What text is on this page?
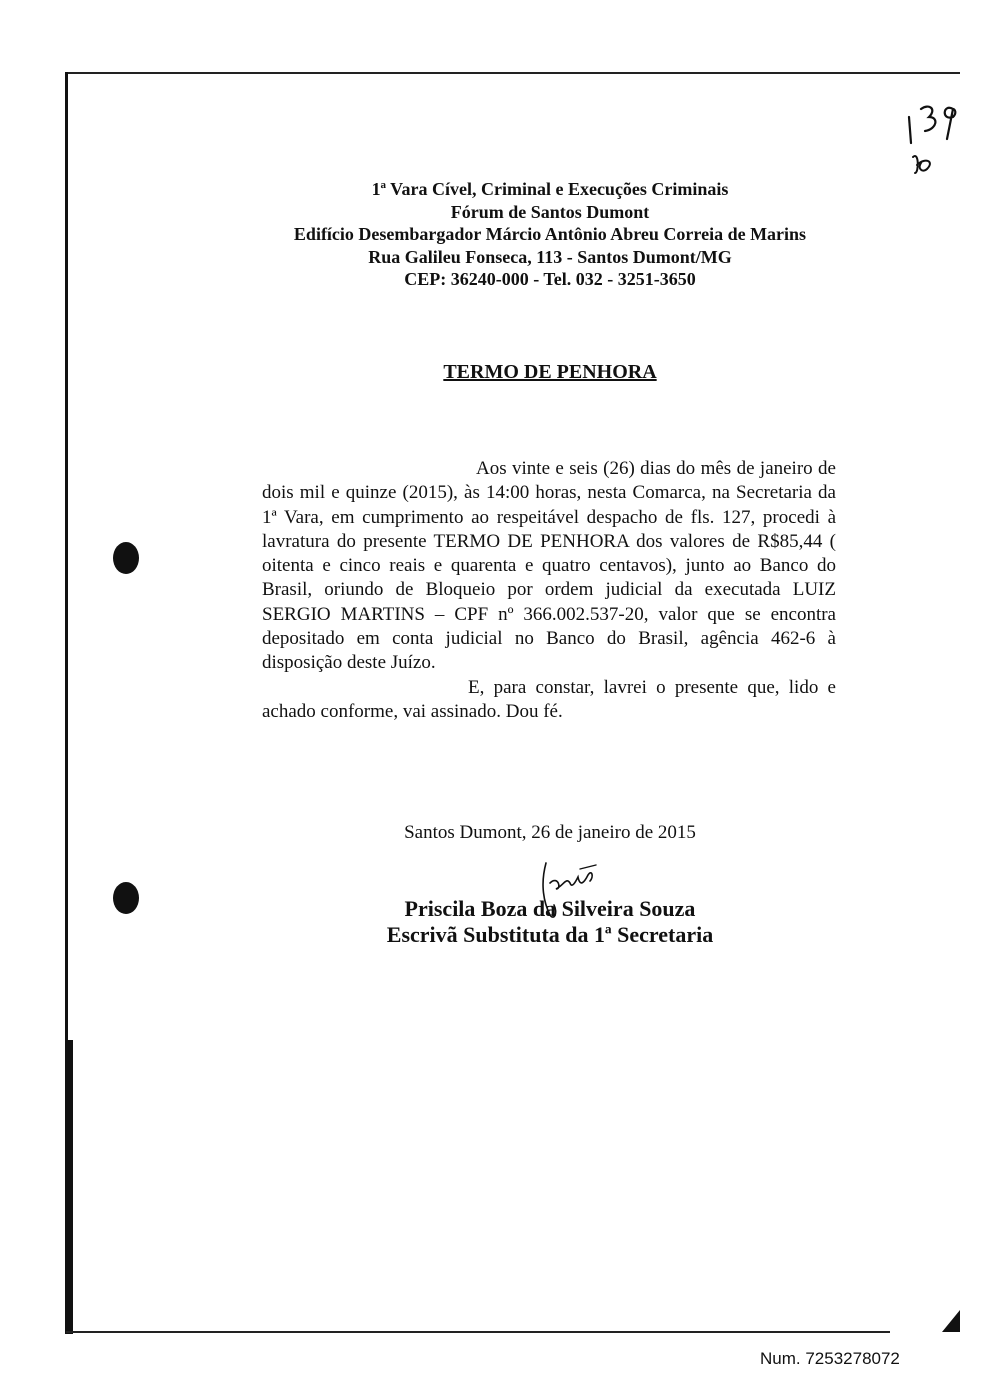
1ª Vara Cível, Criminal e Execuções Criminais
Fórum de Santos Dumont
Edifício Desembargador Márcio Antônio Abreu Correia de Marins
Rua Galileu Fonseca, 113 - Santos Dumont/MG
CEP: 36240-000 - Tel. 032 - 3251-3650
TERMO DE PENHORA

Aos vinte e seis (26) dias do mês de janeiro de dois mil e quinze (2015), às 14:00 horas, nesta Comarca, na Secretaria da 1ª Vara, em cumprimento ao respeitável despacho de fls. 127, procedi à lavratura do presente TERMO DE PENHORA dos valores de R$85,44 ( oitenta e cinco reais e quarenta e quatro centavos), junto ao Banco do Brasil, oriundo de Bloqueio por ordem judicial da executada LUIZ SERGIO MARTINS – CPF nº 366.002.537-20, valor que se encontra depositado em conta judicial no Banco do Brasil, agência 462-6 à disposição deste Juízo.

E, para constar, lavrei o presente que, lido e achado conforme, vai assinado. Dou fé.

Santos Dumont, 26 de janeiro de 2015
Priscila Boza da Silveira Souza
Escrivã Substituta da 1ª Secretaria
Num. 7253278072
